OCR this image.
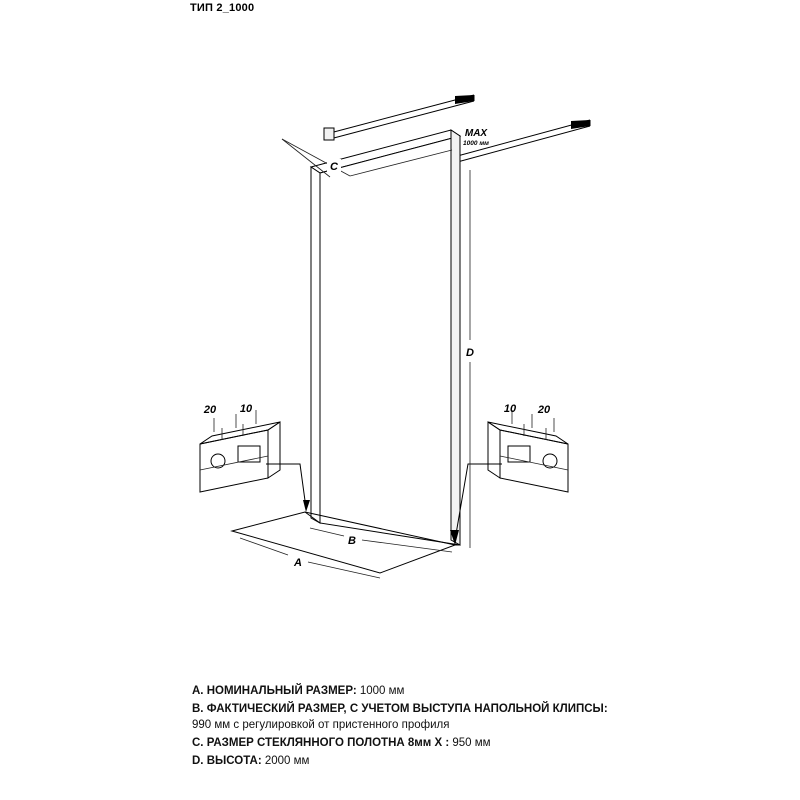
ТИП 2_1000
20 10	10 20
C
D
B
A
MAX
1000 мм

A. НОМИНАЛЬНЫЙ РАЗМЕР: 1000 мм

B. ФАКТИЧЕСКИЙ РАЗМЕР, С УЧЕТОМ ВЫСТУПА НАПОЛЬНОЙ КЛИПСЫ: 990 мм с регулировкой от пристенного профиля

C. РАЗМЕР СТЕКЛЯННОГО ПОЛОТНА 8мм X : 950 мм

D. ВЫСОТА: 2000 мм
